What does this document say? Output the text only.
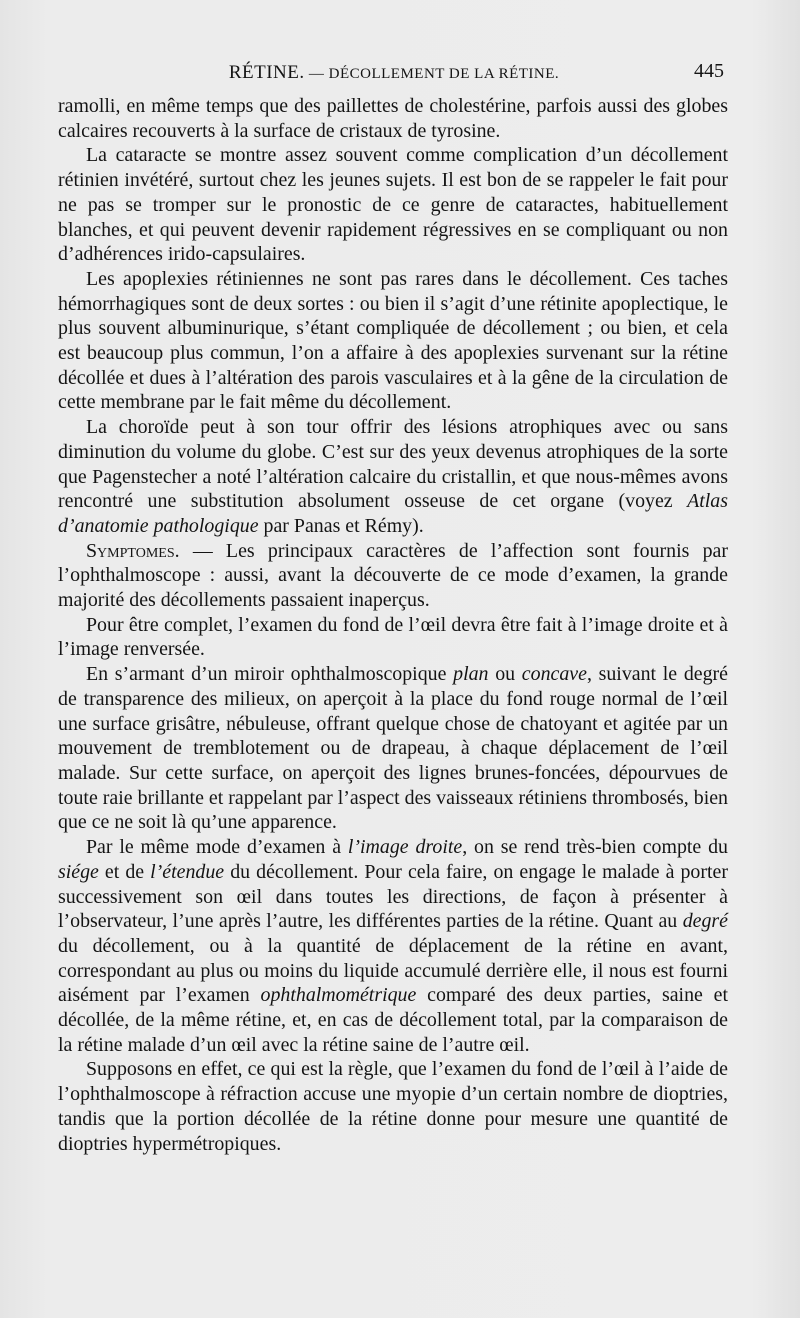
RÉTINE. — DÉCOLLEMENT DE LA RÉTINE.	445

ramolli, en même temps que des paillettes de cholestérine, parfois aussi des globes calcaires recouverts à la surface de cristaux de tyrosine.

La cataracte se montre assez souvent comme complication d’un décollement rétinien invétéré, surtout chez les jeunes sujets. Il est bon de se rappeler le fait pour ne pas se tromper sur le pronostic de ce genre de cataractes, habituellement blanches, et qui peuvent devenir rapidement régressives en se compliquant ou non d’adhérences irido-capsulaires.

Les apoplexies rétiniennes ne sont pas rares dans le décollement. Ces taches hémorrhagiques sont de deux sortes : ou bien il s’agit d’une rétinite apoplectique, le plus souvent albuminurique, s’étant compliquée de décollement ; ou bien, et cela est beaucoup plus commun, l’on a affaire à des apoplexies survenant sur la rétine décollée et dues à l’altération des parois vasculaires et à la gêne de la circulation de cette membrane par le fait même du décollement.

La choroïde peut à son tour offrir des lésions atrophiques avec ou sans diminution du volume du globe. C’est sur des yeux devenus atrophiques de la sorte que Pagenstecher a noté l’altération calcaire du cristallin, et que nous-mêmes avons rencontré une substitution absolument osseuse de cet organe (voyez Atlas d’anatomie pathologique par Panas et Rémy).

Symptomes. — Les principaux caractères de l’affection sont fournis par l’ophthalmoscope : aussi, avant la découverte de ce mode d’examen, la grande majorité des décollements passaient inaperçus.

Pour être complet, l’examen du fond de l’œil devra être fait à l’image droite et à l’image renversée.

En s’armant d’un miroir ophthalmoscopique plan ou concave, suivant le degré de transparence des milieux, on aperçoit à la place du fond rouge normal de l’œil une surface grisâtre, nébuleuse, offrant quelque chose de chatoyant et agitée par un mouvement de tremblotement ou de drapeau, à chaque déplacement de l’œil malade. Sur cette surface, on aperçoit des lignes brunes-foncées, dépourvues de toute raie brillante et rappelant par l’aspect des vaisseaux rétiniens thrombosés, bien que ce ne soit là qu’une apparence.

Par le même mode d’examen à l’image droite, on se rend très-bien compte du siége et de l’étendue du décollement. Pour cela faire, on engage le malade à porter successivement son œil dans toutes les directions, de façon à présenter à l’observateur, l’une après l’autre, les différentes parties de la rétine. Quant au degré du décollement, ou à la quantité de déplacement de la rétine en avant, correspondant au plus ou moins du liquide accumulé derrière elle, il nous est fourni aisément par l’examen ophthalmométrique comparé des deux parties, saine et décollée, de la même rétine, et, en cas de décollement total, par la comparaison de la rétine malade d’un œil avec la rétine saine de l’autre œil.

Supposons en effet, ce qui est la règle, que l’examen du fond de l’œil à l’aide de l’ophthalmoscope à réfraction accuse une myopie d’un certain nombre de dioptries, tandis que la portion décollée de la rétine donne pour mesure une quantité de dioptries hypermétropiques.
